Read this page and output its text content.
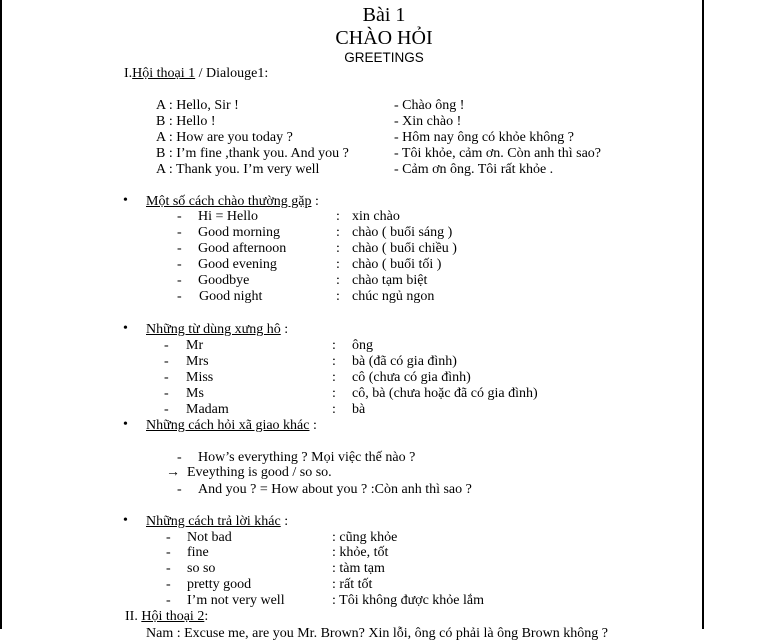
Bài 1
CHÀO HỎI
GREETINGS
I.Hội thoại 1 / Dialouge1:
A : Hello, Sir !	- Chào ông !
B : Hello !	- Xin chào !
A : How are you today ?	- Hôm nay ông có khỏe không ?
B : I’m fine ,thank you. And you ?	- Tôi khỏe, cảm ơn. Còn anh thì sao?
A : Thank you. I’m very well	- Cảm ơn ông. Tôi rất khỏe .
• Một số cách chào thường gặp :
- Hi = Hello	: xin chào
- Good morning	: chào ( buổi sáng )
- Good afternoon	: chào ( buổi chiều )
- Good evening	: chào ( buổi tối )
- Goodbye	: chào tạm biệt
- Good night	: chúc ngủ ngon
• Những từ dùng xưng hô :
- Mr	: ông
- Mrs	: bà (đã có gia đình)
- Miss	: cô (chưa có gia đình)
- Ms	: cô, bà (chưa hoặc đã có gia đình)
- Madam	: bà
• Những cách hỏi xã giao khác :
- How’s everything ? Mọi việc thế nào ?
→ Eveything is good / so so.
- And you ? = How about you ? :Còn anh thì sao ?
• Những cách trả lời khác :
- Not bad	: cũng khỏe
- fine	: khỏe, tốt
- so so	: tàm tạm
- pretty good	: rất tốt
- I’m not very well	: Tôi không được khỏe lắm
II. Hội thoại 2:
Nam : Excuse me, are you Mr. Brown? Xin lỗi, ông có phải là ông Brown không ?
